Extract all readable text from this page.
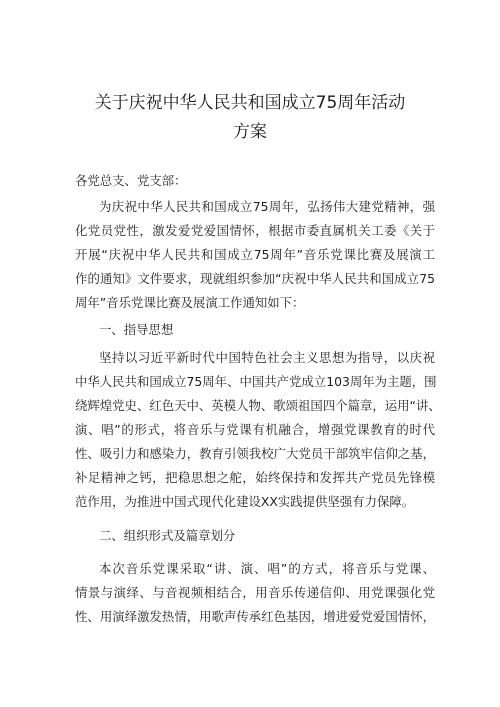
关于庆祝中华人民共和国成立75周年活动
方案
各党总支、党支部：
为庆祝中华人民共和国成立75周年，弘扬伟大建党精神，强
化党员党性，激发爱党爱国情怀，根据市委直属机关工委《关于
开展“庆祝中华人民共和国成立75周年”音乐党课比赛及展演工
作的通知》文件要求，现就组织参加“庆祝中华人民共和国成立75
周年”音乐党课比赛及展演工作通知如下：
一、指导思想
坚持以习近平新时代中国特色社会主义思想为指导，以庆祝
中华人民共和国成立75周年、中国共产党成立103周年为主题，围
绕辉煌党史、红色天中、英模人物、歌颂祖国四个篇章，运用“讲、
演、唱”的形式，将音乐与党课有机融合，增强党课教育的时代
性、吸引力和感染力，教育引领我校广大党员干部筑牢信仰之基，
补足精神之钙，把稳思想之舵，始终保持和发挥共产党员先锋模
范作用，为推进中国式现代化建设XX实践提供坚强有力保障。
二、组织形式及篇章划分
本次音乐党课采取“讲、演、唱”的方式，将音乐与党课、
情景与演绎、与音视频相结合，用音乐传递信仰、用党课强化党
性、用演绎激发热情，用歌声传承红色基因，增进爱党爱国情怀，
